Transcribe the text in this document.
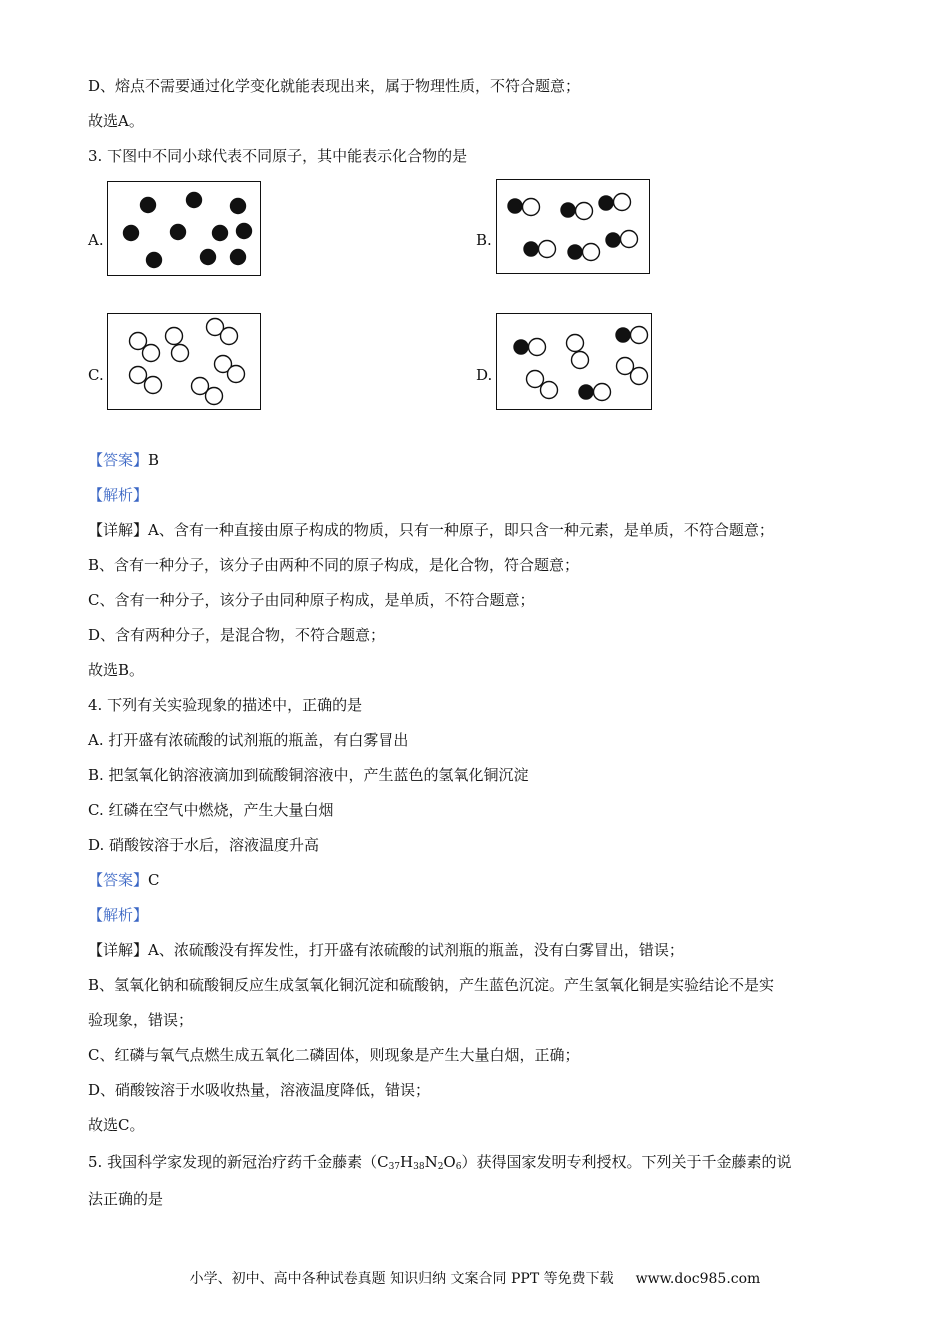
D、熔点不需要通过化学变化就能表现出来，属于物理性质，不符合题意；
故选A。
3. 下图中不同小球代表不同原子，其中能表示化合物的是
A.	B.
C.	D.
【答案】B
【解析】
【详解】A、含有一种直接由原子构成的物质，只有一种原子，即只含一种元素，是单质，不符合题意；
B、含有一种分子，该分子由两种不同的原子构成，是化合物，符合题意；
C、含有一种分子，该分子由同种原子构成，是单质，不符合题意；
D、含有两种分子，是混合物，不符合题意；
故选B。
4. 下列有关实验现象的描述中，正确的是
A. 打开盛有浓硫酸的试剂瓶的瓶盖，有白雾冒出
B. 把氢氧化钠溶液滴加到硫酸铜溶液中，产生蓝色的氢氧化铜沉淀
C. 红磷在空气中燃烧，产生大量白烟
D. 硝酸铵溶于水后，溶液温度升高
【答案】C
【解析】
【详解】A、浓硫酸没有挥发性，打开盛有浓硫酸的试剂瓶的瓶盖，没有白雾冒出，错误；
B、氢氧化钠和硫酸铜反应生成氢氧化铜沉淀和硫酸钠，产生蓝色沉淀。产生氢氧化铜是实验结论不是实
验现象，错误；
C、红磷与氧气点燃生成五氧化二磷固体，则现象是产生大量白烟，正确；
D、硝酸铵溶于水吸收热量，溶液温度降低，错误；
故选C。
5. 我国科学家发现的新冠治疗药千金藤素$(C_{37}H_{38}N_2O_6)$获得国家发明专利授权。下列关于千金藤素的说
法正确的是
小学、初中、高中各种试卷真题 知识归纳 文案合同 PPT 等免费下载 www.doc985.com
